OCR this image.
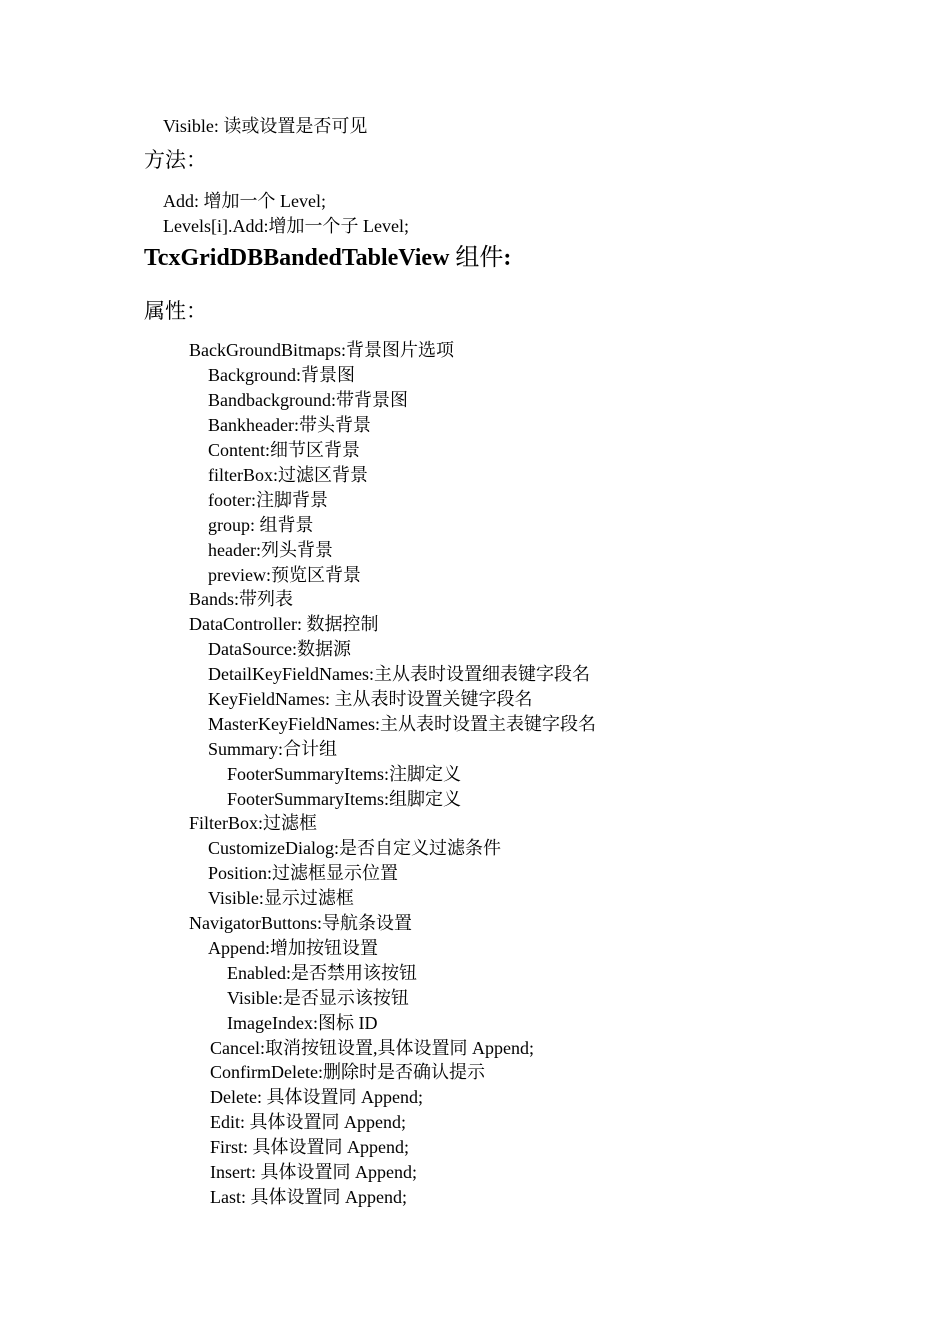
Visible: 读或设置是否可见
方法：
Add: 增加一个 Level;
Levels[i].Add:增加一个子 Level;
TcxGridDBBandedTableView 组件:
属性：
BackGroundBitmaps:背景图片选项
Background:背景图
Bandbackground:带背景图
Bankheader:带头背景
Content:细节区背景
filterBox:过滤区背景
footer:注脚背景
group: 组背景
header:列头背景
preview:预览区背景
Bands:带列表
DataController: 数据控制
DataSource:数据源
DetailKeyFieldNames:主从表时设置细表键字段名
KeyFieldNames: 主从表时设置关键字段名
MasterKeyFieldNames:主从表时设置主表键字段名
Summary:合计组
FooterSummaryItems:注脚定义
FooterSummaryItems:组脚定义
FilterBox:过滤框
CustomizeDialog:是否自定义过滤条件
Position:过滤框显示位置
Visible:显示过滤框
NavigatorButtons:导航条设置
Append:增加按钮设置
Enabled:是否禁用该按钮
Visible:是否显示该按钮
ImageIndex:图标 ID
Cancel:取消按钮设置,具体设置同 Append;
ConfirmDelete:删除时是否确认提示
Delete: 具体设置同 Append;
Edit: 具体设置同 Append;
First: 具体设置同 Append;
Insert: 具体设置同 Append;
Last: 具体设置同 Append;
